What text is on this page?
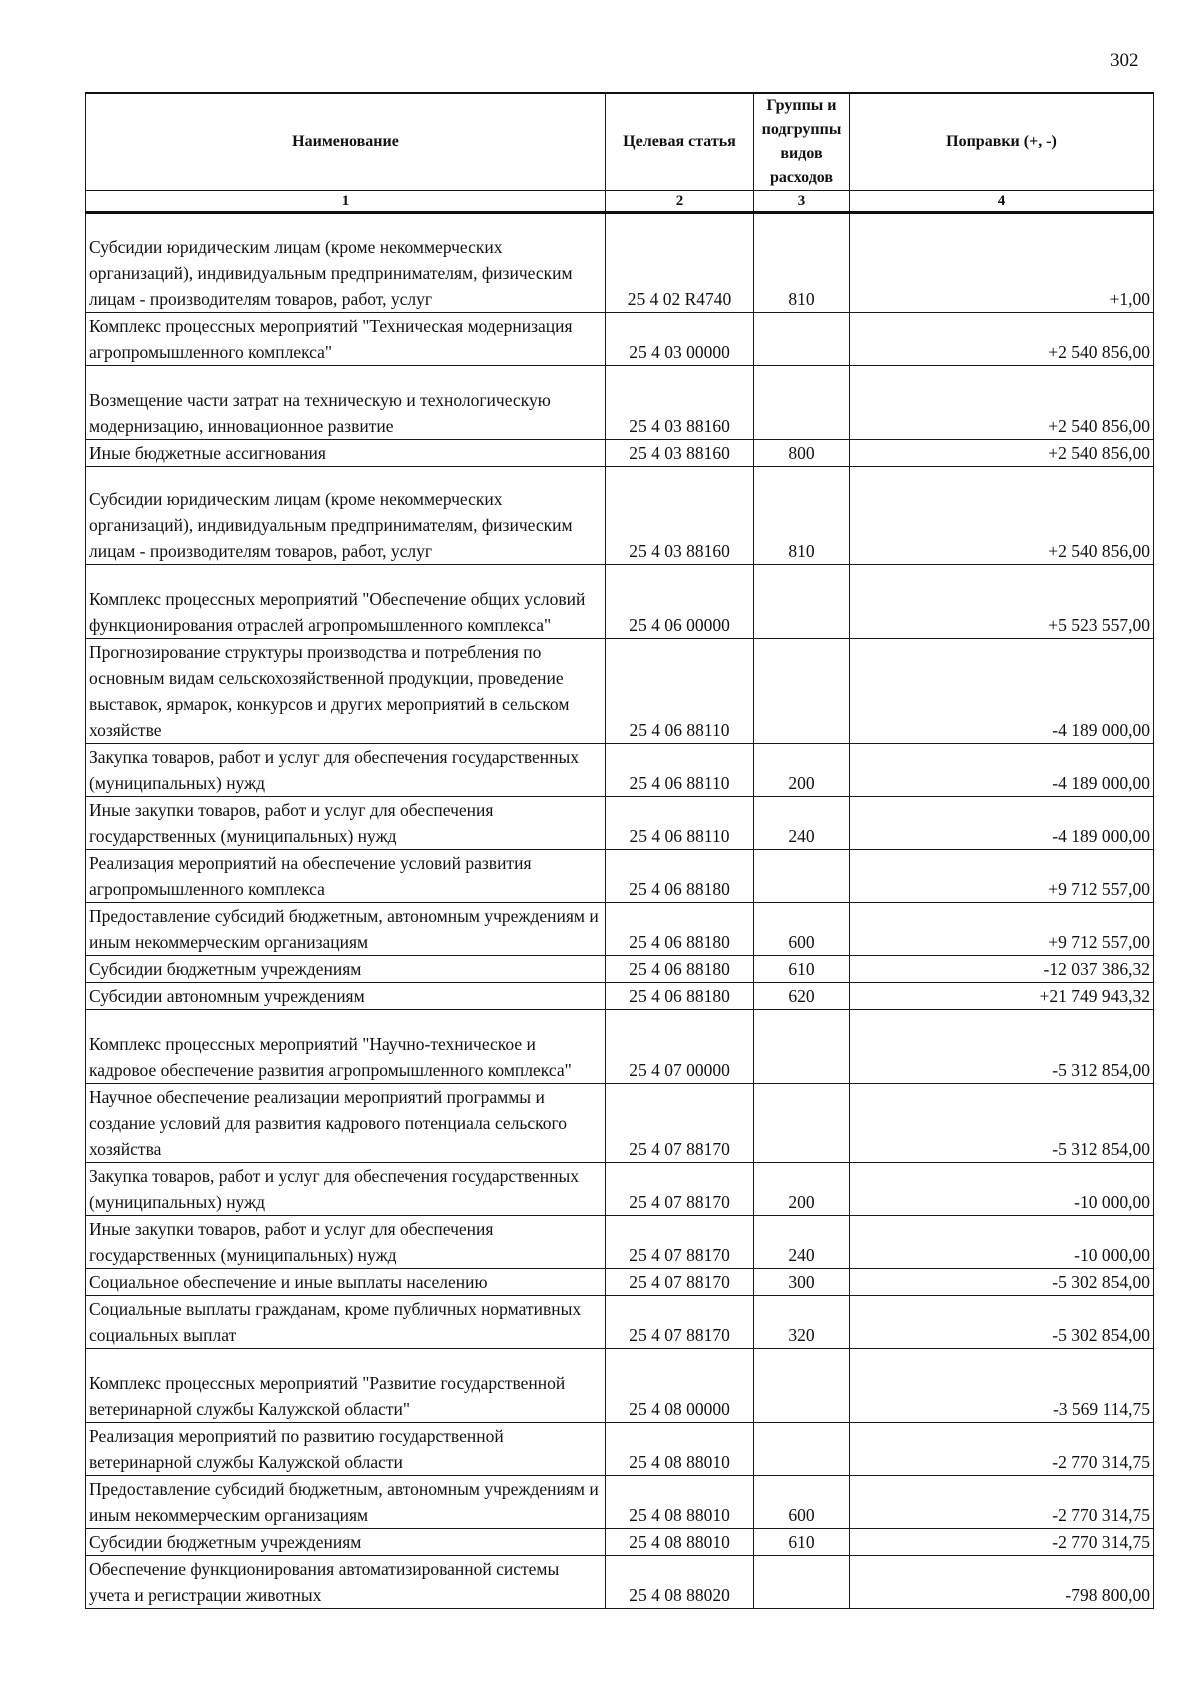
302
Наименование	Целевая статья	Группы и подгруппы видов расходов	Поправки (+, -)
1	2	3	4
Субсидии юридическим лицам (кроме некоммерческих организаций), индивидуальным предпринимателям, физическим лицам - производителям товаров, работ, услуг	25 4 02 R4740	810	+1,00
Комплекс процессных мероприятий "Техническая модернизация агропромышленного комплекса"	25 4 03 00000		+2 540 856,00
Возмещение части затрат на техническую и технологическую модернизацию, инновационное развитие	25 4 03 88160		+2 540 856,00
Иные бюджетные ассигнования	25 4 03 88160	800	+2 540 856,00
Субсидии юридическим лицам (кроме некоммерческих организаций), индивидуальным предпринимателям, физическим лицам - производителям товаров, работ, услуг	25 4 03 88160	810	+2 540 856,00
Комплекс процессных мероприятий "Обеспечение общих условий функционирования отраслей агропромышленного комплекса"	25 4 06 00000		+5 523 557,00
Прогнозирование структуры производства и потребления по основным видам сельскохозяйственной продукции, проведение выставок, ярмарок, конкурсов и других мероприятий в сельском хозяйстве	25 4 06 88110		-4 189 000,00
Закупка товаров, работ и услуг для обеспечения государственных (муниципальных) нужд	25 4 06 88110	200	-4 189 000,00
Иные закупки товаров, работ и услуг для обеспечения государственных (муниципальных) нужд	25 4 06 88110	240	-4 189 000,00
Реализация мероприятий на обеспечение условий развития агропромышленного комплекса	25 4 06 88180		+9 712 557,00
Предоставление субсидий бюджетным, автономным учреждениям и иным некоммерческим организациям	25 4 06 88180	600	+9 712 557,00
Субсидии бюджетным учреждениям	25 4 06 88180	610	-12 037 386,32
Субсидии автономным учреждениям	25 4 06 88180	620	+21 749 943,32
Комплекс процессных мероприятий "Научно-техническое и кадровое обеспечение развития агропромышленного комплекса"	25 4 07 00000		-5 312 854,00
Научное обеспечение реализации мероприятий программы и создание условий для развития кадрового потенциала сельского хозяйства	25 4 07 88170		-5 312 854,00
Закупка товаров, работ и услуг для обеспечения государственных (муниципальных) нужд	25 4 07 88170	200	-10 000,00
Иные закупки товаров, работ и услуг для обеспечения государственных (муниципальных) нужд	25 4 07 88170	240	-10 000,00
Социальное обеспечение и иные выплаты населению	25 4 07 88170	300	-5 302 854,00
Социальные выплаты гражданам, кроме публичных нормативных социальных выплат	25 4 07 88170	320	-5 302 854,00
Комплекс процессных мероприятий "Развитие государственной ветеринарной службы Калужской области"	25 4 08 00000		-3 569 114,75
Реализация мероприятий по развитию государственной ветеринарной службы Калужской области	25 4 08 88010		-2 770 314,75
Предоставление субсидий бюджетным, автономным учреждениям и иным некоммерческим организациям	25 4 08 88010	600	-2 770 314,75
Субсидии бюджетным учреждениям	25 4 08 88010	610	-2 770 314,75
Обеспечение функционирования автоматизированной системы учета и регистрации животных	25 4 08 88020		-798 800,00
